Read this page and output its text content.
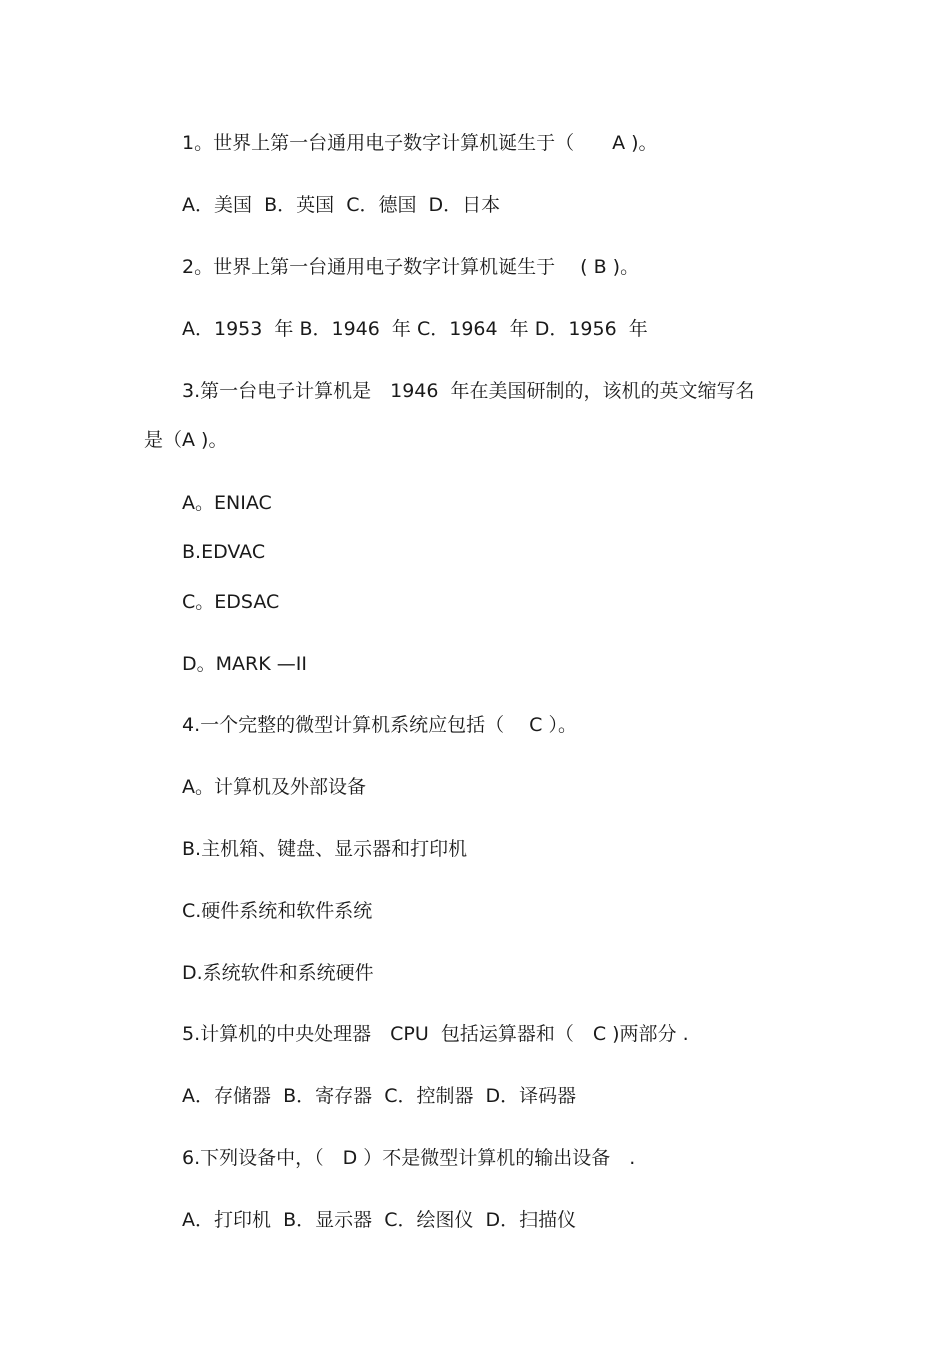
1。世界上第一台通用电子数字计算机诞生于（　　A )。
A．美国  B．英国  C．德国  D．日本
2。世界上第一台通用电子数字计算机诞生于　 ( B )。
A．1953  年 B．1946  年 C．1964  年 D．1956  年
3.第一台电子计算机是　1946  年在美国研制的，该机的英文缩写名
是（A )。
A。ENIAC
B.EDVAC
C。EDSAC
D。MARK —II
4.一个完整的微型计算机系统应包括（　 C ）。
A。计算机及外部设备
B.主机箱、键盘、显示器和打印机
C.硬件系统和软件系统
D.系统软件和系统硬件
5.计算机的中央处理器　CPU  包括运算器和（　C )两部分 .
A．存储器  B．寄存器  C．控制器  D．译码器
6.下列设备中，（　D ）不是微型计算机的输出设备　.
A．打印机  B．显示器  C．绘图仪  D．扫描仪
